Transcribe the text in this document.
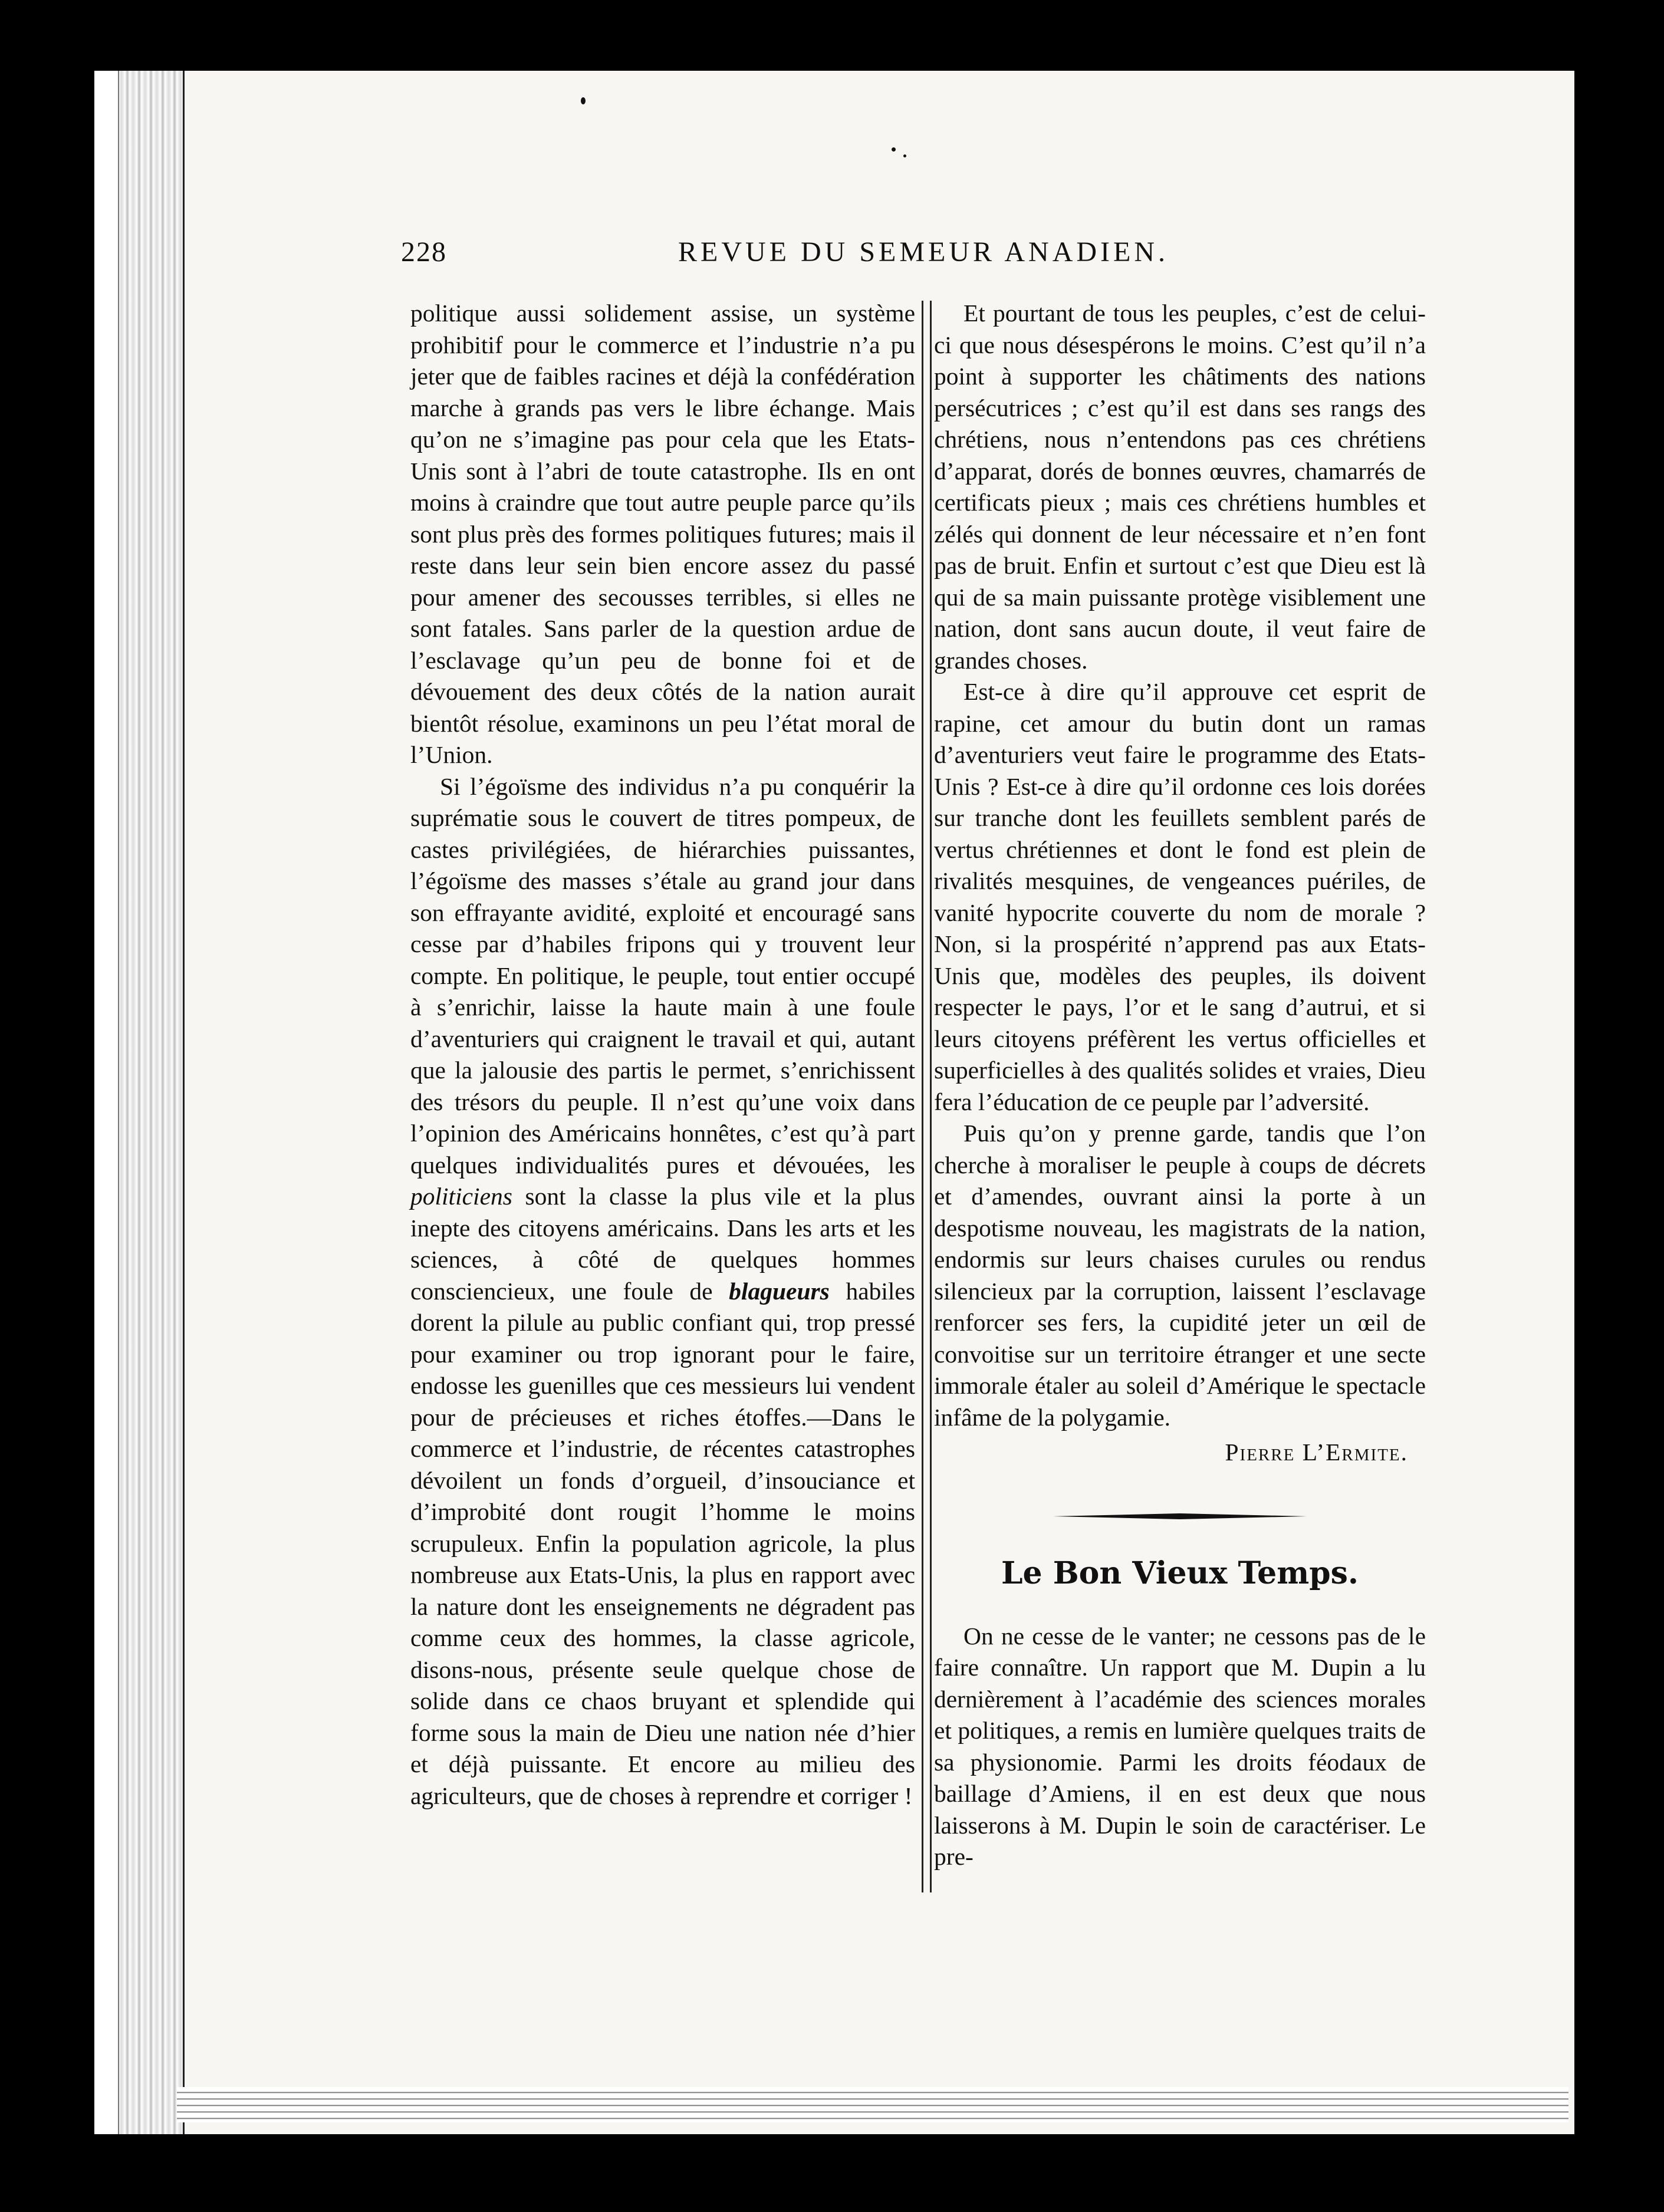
228	REVUE DU SEMEUR ANADIEN.

politique aussi solidement assise, un système prohibitif pour le commerce et l’industrie n’a pu jeter que de faibles racines et déjà la confédération marche à grands pas vers le libre échange. Mais qu’on ne s’imagine pas pour cela que les Etats-Unis sont à l’abri de toute catastrophe. Ils en ont moins à craindre que tout autre peuple parce qu’ils sont plus près des formes politiques futures; mais il reste dans leur sein bien encore assez du passé pour amener des secousses terribles, si elles ne sont fatales. Sans parler de la question ardue de l’esclavage qu’un peu de bonne foi et de dévouement des deux côtés de la nation aurait bientôt résolue, examinons un peu l’état moral de l’Union.

Si l’égoïsme des individus n’a pu conquérir la suprématie sous le couvert de titres pompeux, de castes privilégiées, de hiérarchies puissantes, l’égoïsme des masses s’étale au grand jour dans son effrayante avidité, exploité et encouragé sans cesse par d’habiles fripons qui y trouvent leur compte. En politique, le peuple, tout entier occupé à s’enrichir, laisse la haute main à une foule d’aventuriers qui craignent le travail et qui, autant que la jalousie des partis le permet, s’enrichissent des trésors du peuple. Il n’est qu’une voix dans l’opinion des Américains honnêtes, c’est qu’à part quelques individualités pures et dévouées, les politiciens sont la classe la plus vile et la plus inepte des citoyens américains. Dans les arts et les sciences, à côté de quelques hommes consciencieux, une foule de blagueurs habiles dorent la pilule au public confiant qui, trop pressé pour examiner ou trop ignorant pour le faire, endosse les guenilles que ces messieurs lui vendent pour de précieuses et riches étoffes.—Dans le commerce et l’industrie, de récentes catastrophes dévoilent un fonds d’orgueil, d’insouciance et d’improbité dont rougit l’homme le moins scrupuleux. Enfin la population agricole, la plus nombreuse aux Etats-Unis, la plus en rapport avec la nature dont les enseignements ne dégradent pas comme ceux des hommes, la classe agricole, disons-nous, présente seule quelque chose de solide dans ce chaos bruyant et splendide qui forme sous la main de Dieu une nation née d’hier et déjà puissante. Et encore au milieu des agriculteurs, que de choses à reprendre et corriger !

Et pourtant de tous les peuples, c’est de celui-ci que nous désespérons le moins. C’est qu’il n’a point à supporter les châtiments des nations persécutrices ; c’est qu’il est dans ses rangs des chrétiens, nous n’entendons pas ces chrétiens d’apparat, dorés de bonnes œuvres, chamarrés de certificats pieux ; mais ces chrétiens humbles et zélés qui donnent de leur nécessaire et n’en font pas de bruit. Enfin et surtout c’est que Dieu est là qui de sa main puissante protège visiblement une nation, dont sans aucun doute, il veut faire de grandes choses.

Est-ce à dire qu’il approuve cet esprit de rapine, cet amour du butin dont un ramas d’aventuriers veut faire le programme des Etats-Unis ? Est-ce à dire qu’il ordonne ces lois dorées sur tranche dont les feuillets semblent parés de vertus chrétiennes et dont le fond est plein de rivalités mesquines, de vengeances puériles, de vanité hypocrite couverte du nom de morale ? Non, si la prospérité n’apprend pas aux Etats-Unis que, modèles des peuples, ils doivent respecter le pays, l’or et le sang d’autrui, et si leurs citoyens préfèrent les vertus officielles et superficielles à des qualités solides et vraies, Dieu fera l’éducation de ce peuple par l’adversité.

Puis qu’on y prenne garde, tandis que l’on cherche à moraliser le peuple à coups de décrets et d’amendes, ouvrant ainsi la porte à un despotisme nouveau, les magistrats de la nation, endormis sur leurs chaises curules ou rendus silencieux par la corruption, laissent l’esclavage renforcer ses fers, la cupidité jeter un œil de convoitise sur un territoire étranger et une secte immorale étaler au soleil d’Amérique le spectacle infâme de la polygamie.

Pierre L’Ermite.
Le Bon Vieux Temps.

On ne cesse de le vanter; ne cessons pas de le faire connaître. Un rapport que M. Dupin a lu dernièrement à l’académie des sciences morales et politiques, a remis en lumière quelques traits de sa physionomie. Parmi les droits féodaux de baillage d’Amiens, il en est deux que nous laisserons à M. Dupin le soin de caractériser. Le pre-
